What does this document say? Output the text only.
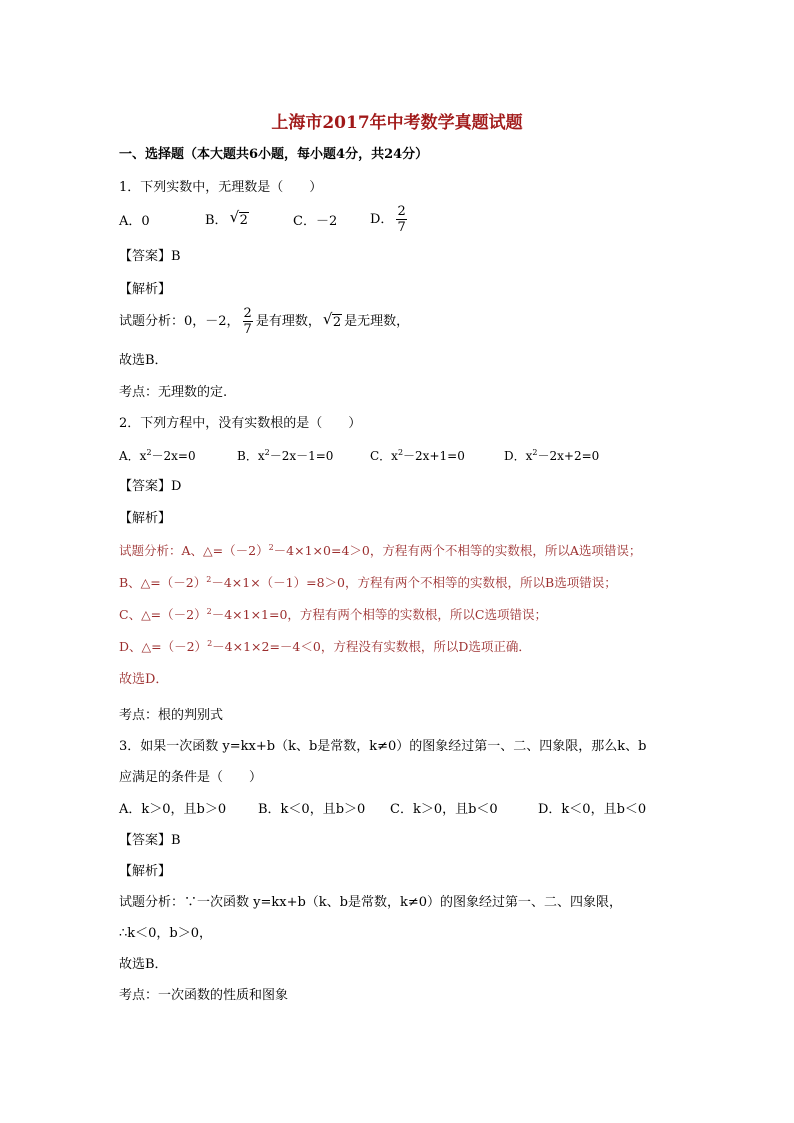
上海市2017年中考数学真题试题
一、选择题（本大题共6小题，每小题4分，共24分）
1．下列实数中，无理数是（　　）
A．0	B． √ 2	C．－2	D． $\frac{2}{7}$
【答案】B
【解析】
试题分析：0，－2， $\frac{2}{7}$ 是有理数， √ 2 是无理数，
故选B．
考点：无理数的定.
2．下列方程中，没有实数根的是（　　）
A．$x^2-2x=0$	B．$x^2-2x-1=0$	C．$x^2-2x+1=0$	D．$x^2-2x+2=0$
【答案】D
【解析】
试题分析：A、$\triangle=(-2)^2-4\times 1\times 0=4>0$，方程有两个不相等的实数根，所以A选项错误；
B、$\triangle=(-2)^2-4\times 1\times(-1)=8>0$，方程有两个不相等的实数根，所以B选项错误；
C、$\triangle=(-2)^2-4\times 1\times 1=0$，方程有两个相等的实数根，所以C选项错误；
D、$\triangle=(-2)^2-4\times 1\times 2=-4<0$，方程没有实数根，所以D选项正确．
故选D．
考点：根的判别式
3．如果一次函数 y=kx+b（k、b是常数，k≠0）的图象经过第一、二、四象限，那么k、b
应满足的条件是（　　）
A．k＞0，且b＞0 B．k＜0，且b＞0 C．k＞0，且b＜0	D．k＜0，且b＜0
【答案】B
【解析】
试题分析：∵一次函数 y=kx+b（k、b是常数，k≠0）的图象经过第一、二、四象限，
∴k＜0，b＞0，
故选B．
考点：一次函数的性质和图象
